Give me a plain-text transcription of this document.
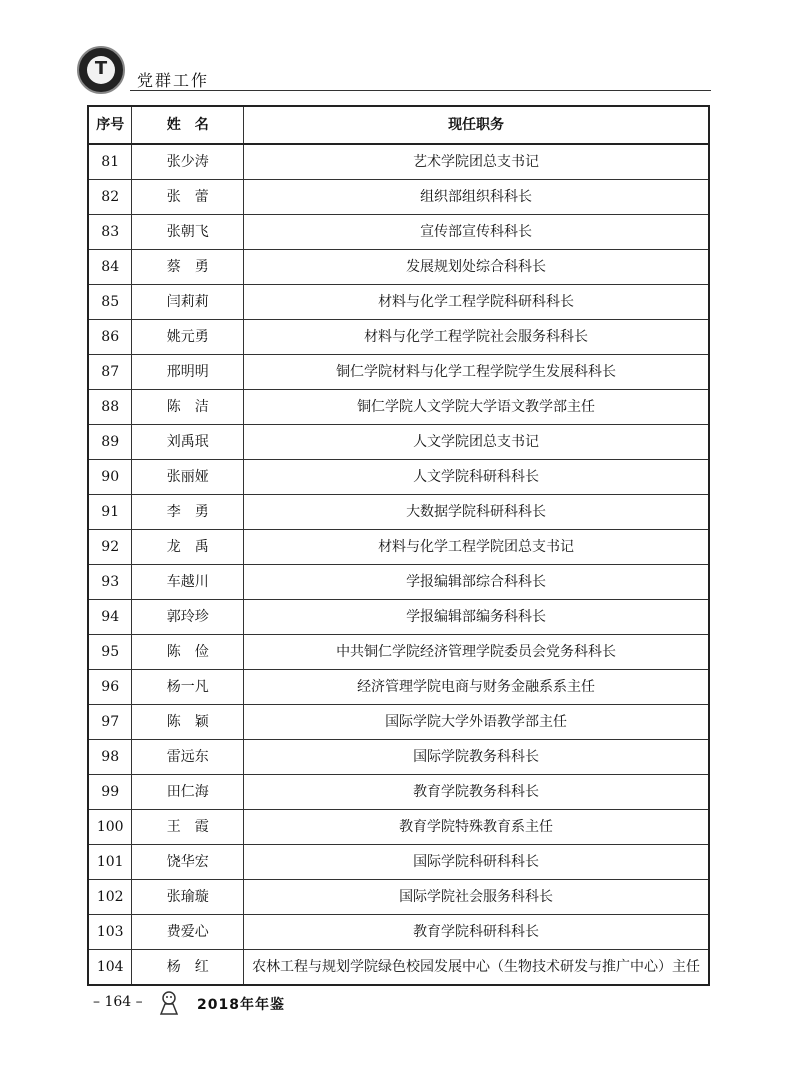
T
党群工作
序号	姓　名	现任职务
81	张少涛	艺术学院团总支书记
82	张　蕾	组织部组织科科长
83	张朝飞	宣传部宣传科科长
84	蔡　勇	发展规划处综合科科长
85	闫莉莉	材料与化学工程学院科研科科长
86	姚元勇	材料与化学工程学院社会服务科科长
87	邢明明	铜仁学院材料与化学工程学院学生发展科科长
88	陈　洁	铜仁学院人文学院大学语文教学部主任
89	刘禹珉	人文学院团总支书记
90	张丽娅	人文学院科研科科长
91	李　勇	大数据学院科研科科长
92	龙　禹	材料与化学工程学院团总支书记
93	车越川	学报编辑部综合科科长
94	郭玲珍	学报编辑部编务科科长
95	陈　俭	中共铜仁学院经济管理学院委员会党务科科长
96	杨一凡	经济管理学院电商与财务金融系系主任
97	陈　颖	国际学院大学外语教学部主任
98	雷远东	国际学院教务科科长
99	田仁海	教育学院教务科科长
100	王　霞	教育学院特殊教育系主任
101	饶华宏	国际学院科研科科长
102	张瑜璇	国际学院社会服务科科长
103	费爱心	教育学院科研科科长
104	杨　红	农林工程与规划学院绿色校园发展中心（生物技术研发与推广中心）主任
– 164 –	2018年年鉴
